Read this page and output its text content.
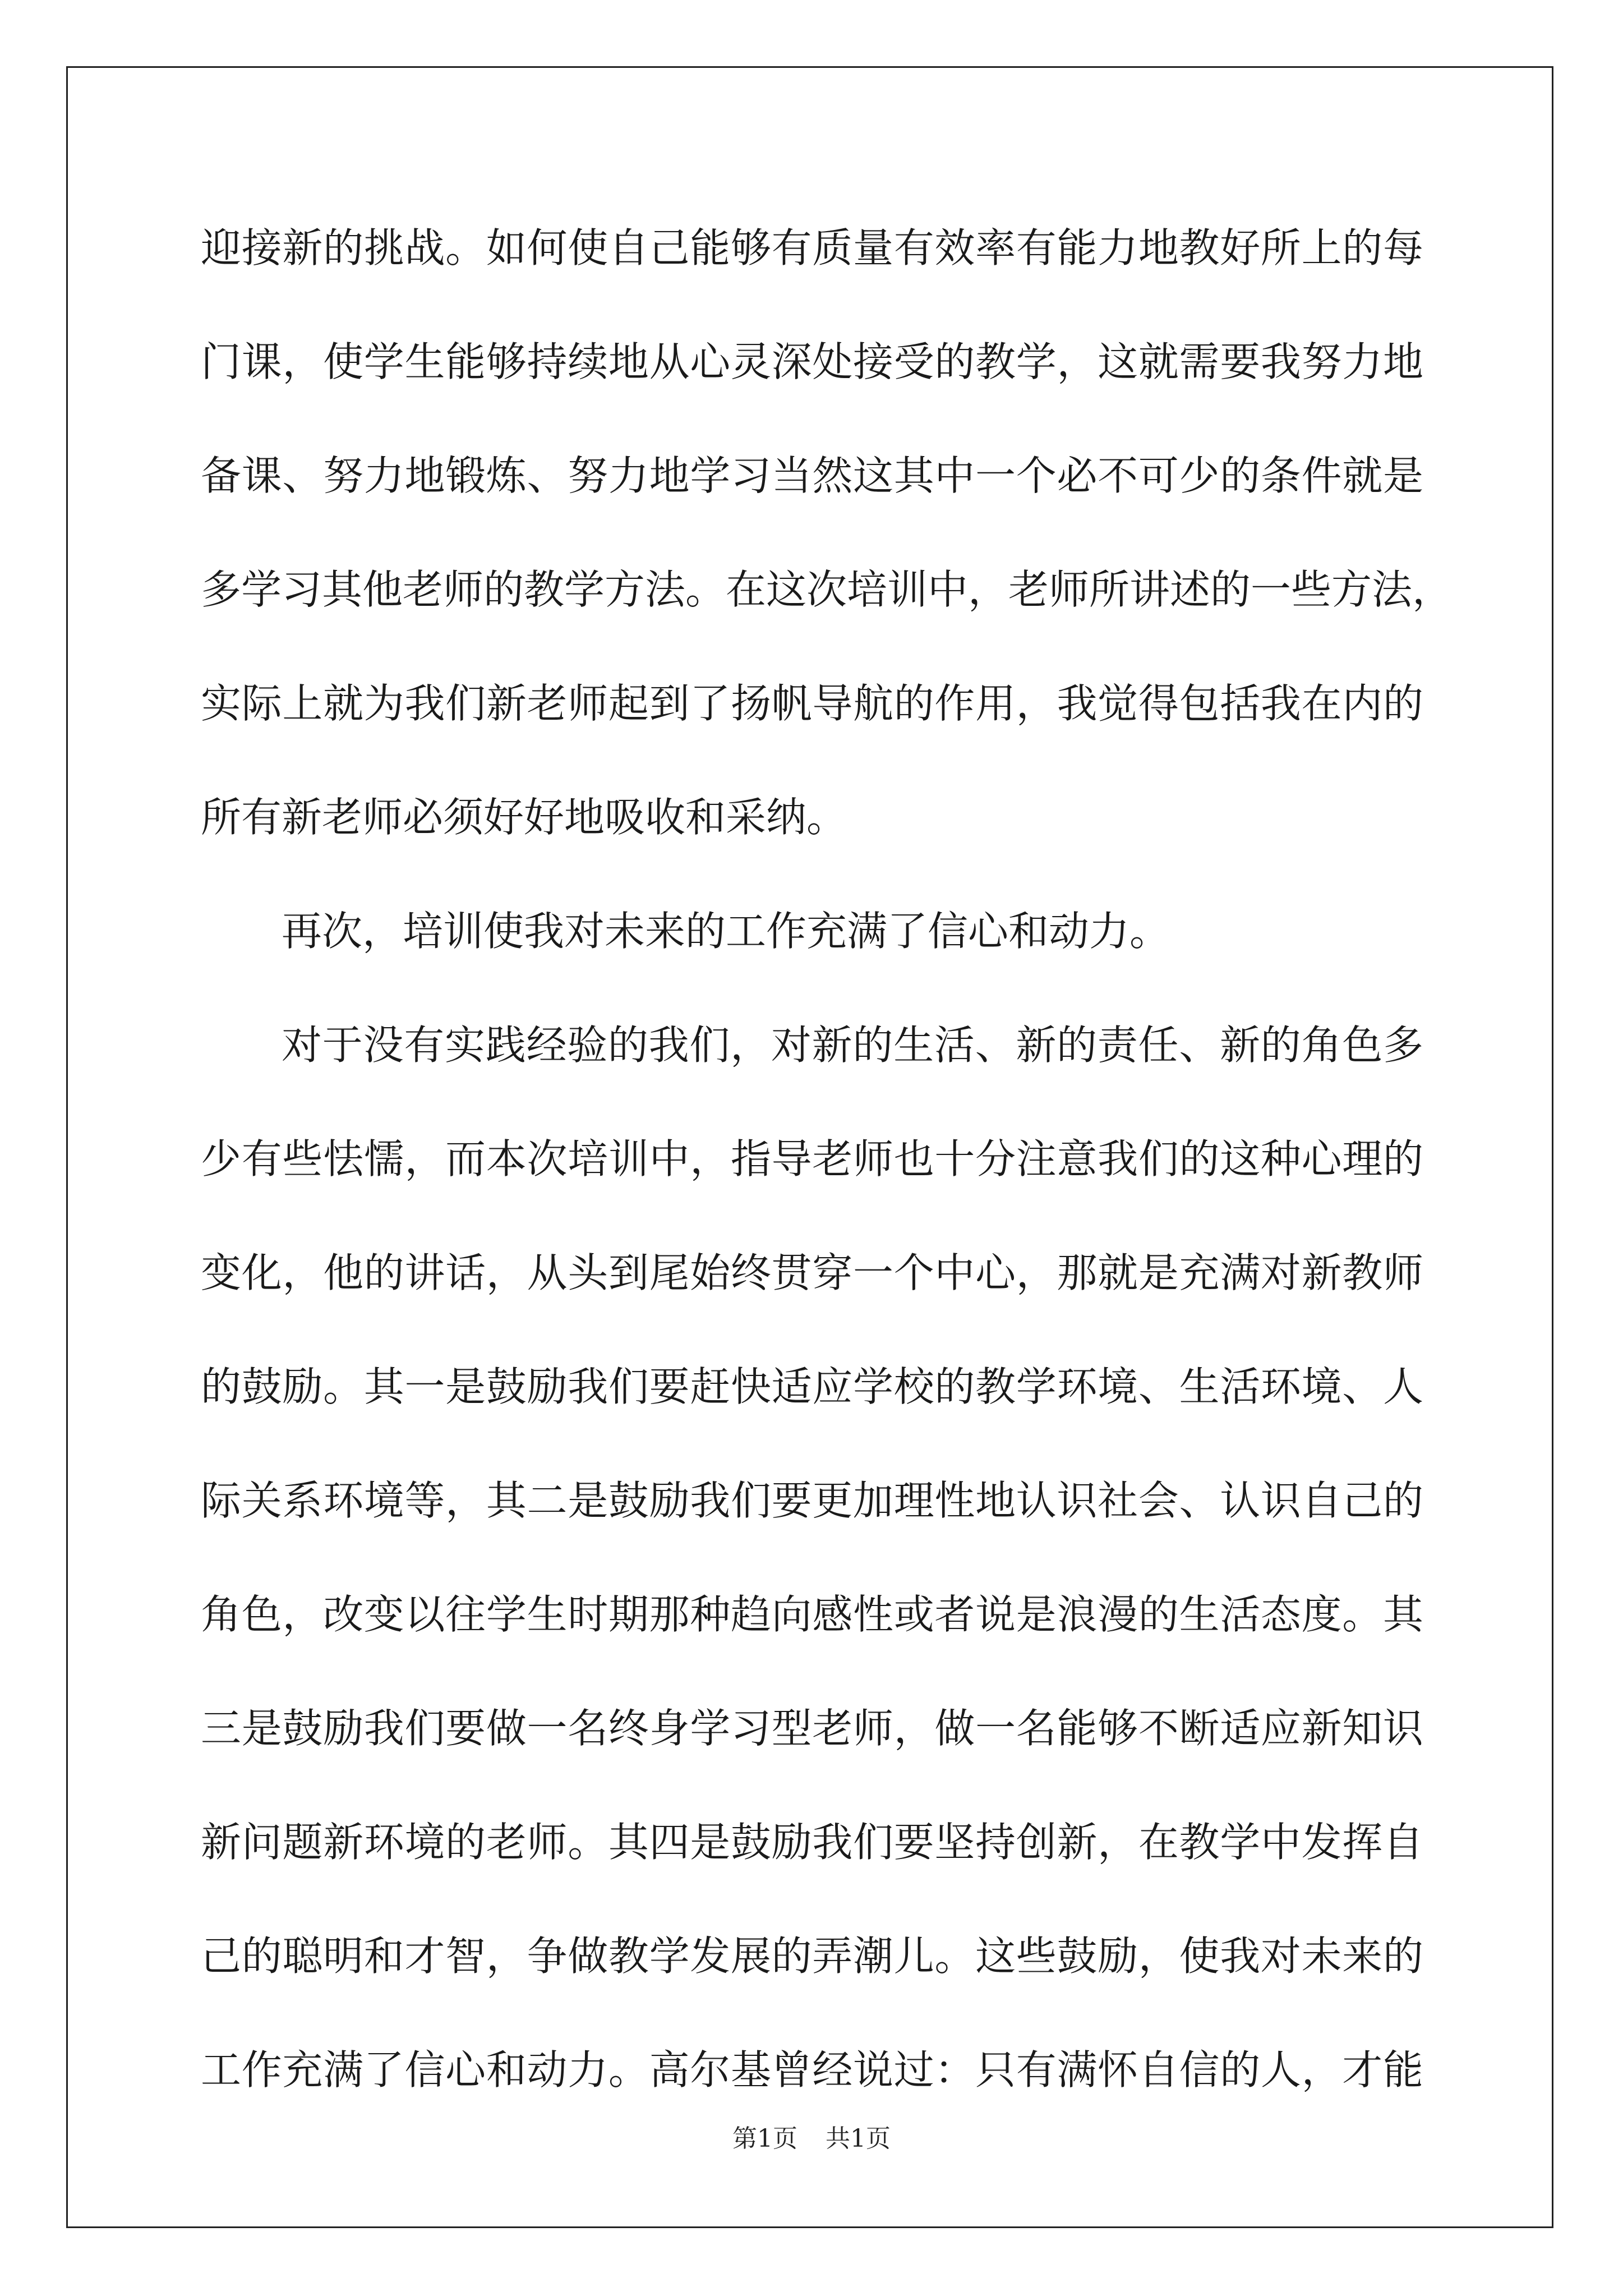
迎接新的挑战。如何使自己能够有质量有效率有能力地教好所上的每
门课，使学生能够持续地从心灵深处接受的教学，这就需要我努力地
备课、努力地锻炼、努力地学习当然这其中一个必不可少的条件就是
多学习其他老师的教学方法。在这次培训中，老师所讲述的一些方法，
实际上就为我们新老师起到了扬帆导航的作用，我觉得包括我在内的
所有新老师必须好好地吸收和采纳。
再次，培训使我对未来的工作充满了信心和动力。
对于没有实践经验的我们，对新的生活、新的责任、新的角色多
少有些怯懦，而本次培训中，指导老师也十分注意我们的这种心理的
变化，他的讲话，从头到尾始终贯穿一个中心，那就是充满对新教师
的鼓励。其一是鼓励我们要赶快适应学校的教学环境、生活环境、人
际关系环境等，其二是鼓励我们要更加理性地认识社会、认识自己的
角色，改变以往学生时期那种趋向感性或者说是浪漫的生活态度。其
三是鼓励我们要做一名终身学习型老师，做一名能够不断适应新知识
新问题新环境的老师。其四是鼓励我们要坚持创新，在教学中发挥自
己的聪明和才智，争做教学发展的弄潮儿。这些鼓励，使我对未来的
工作充满了信心和动力。高尔基曾经说过：只有满怀自信的人，才能
第1页 共1页
